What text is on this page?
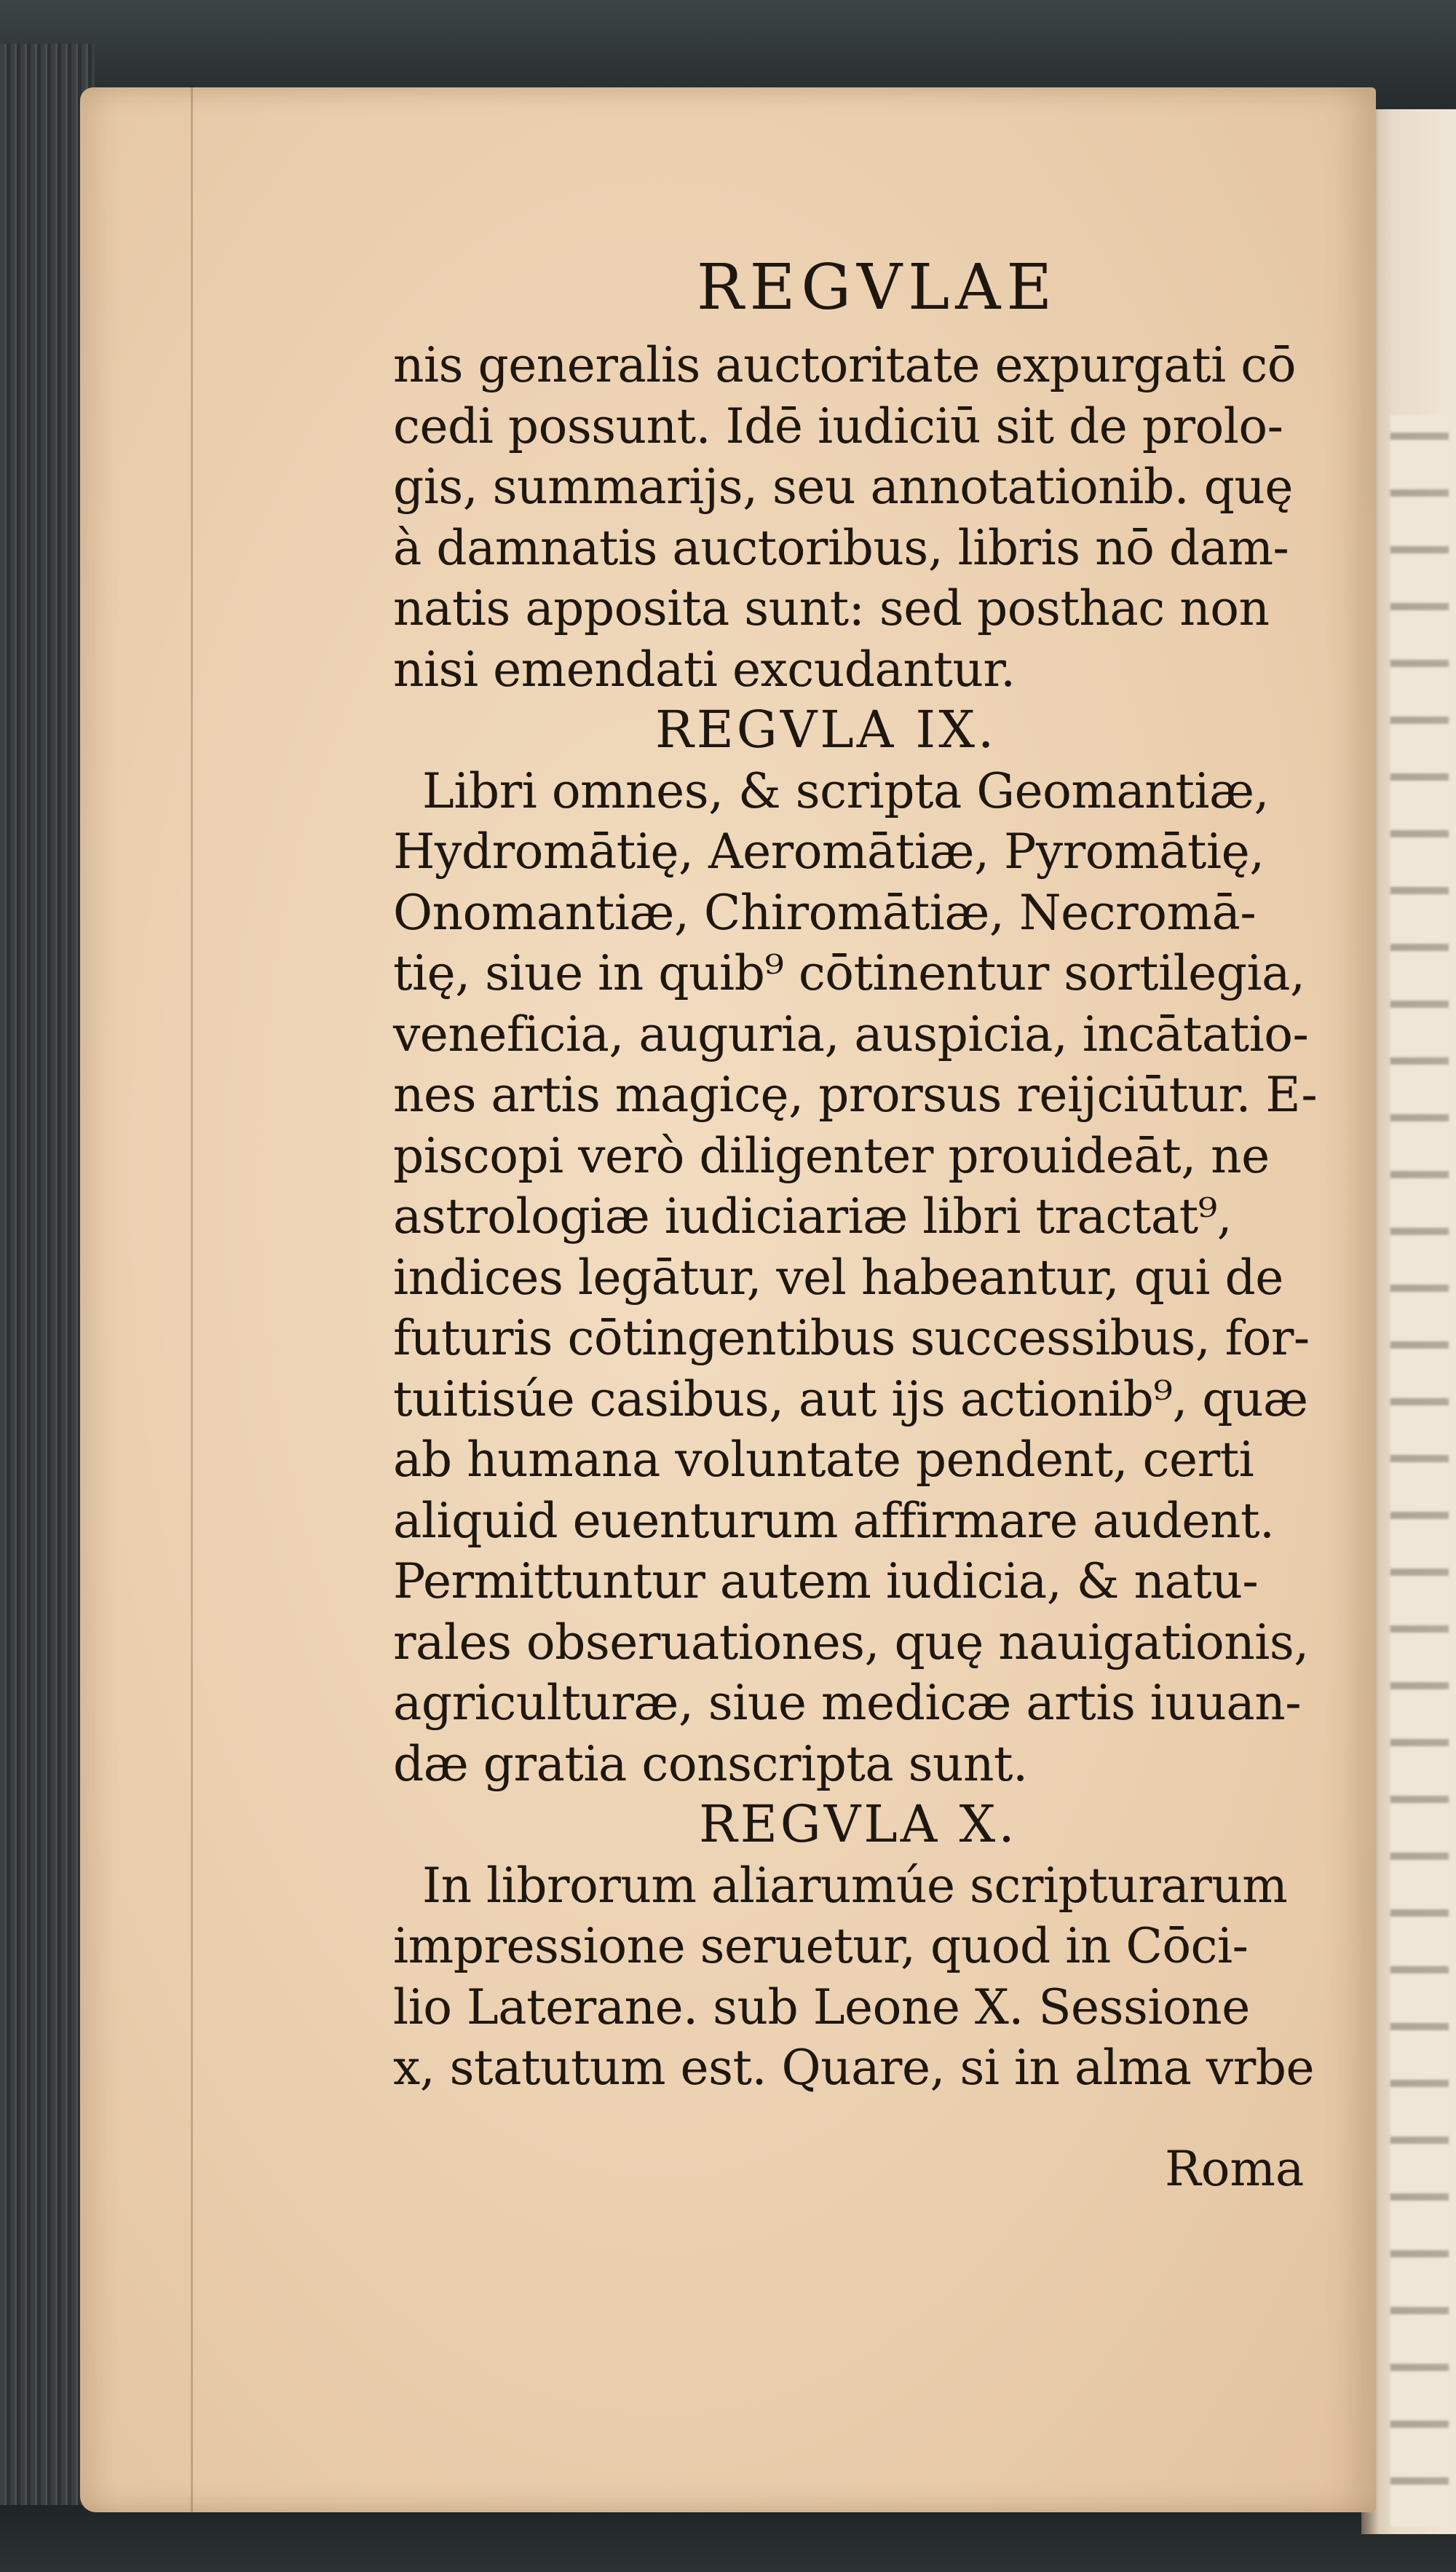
REGVLAE
nis generalis auctoritate expurgati cō
cedi possunt. Idē iudiciū sit de prolo-
gis, summarijs, seu annotationib. quę
à damnatis auctoribus, libris nō dam-
natis apposita sunt: sed posthac non
nisi emendati excudantur.
REGVLA IX.
Libri omnes, & scripta Geomantiæ,
Hydromātię, Aeromātiæ, Pyromātię,
Onomantiæ, Chiromātiæ, Necromā-
tię, siue in quib⁹ cōtinentur sortilegia,
veneficia, auguria, auspicia, incātatio-
nes artis magicę, prorsus reijciūtur. E-
piscopi verò diligenter prouideāt, ne
astrologiæ iudiciariæ libri tractat⁹,
indices legātur, vel habeantur, qui de
futuris cōtingentibus successibus, for-
tuitisúe casibus, aut ijs actionib⁹, quæ
ab humana voluntate pendent, certi
aliquid euenturum affirmare audent.
Permittuntur autem iudicia, & natu-
rales obseruationes, quę nauigationis,
agriculturæ, siue medicæ artis iuuan-
dæ gratia conscripta sunt.
REGVLA X.
In librorum aliarumúe scripturarum
impressione seruetur, quod in Cōci-
lio Laterane. sub Leone X. Sessione
x, statutum est. Quare, si in alma vrbe
Roma
